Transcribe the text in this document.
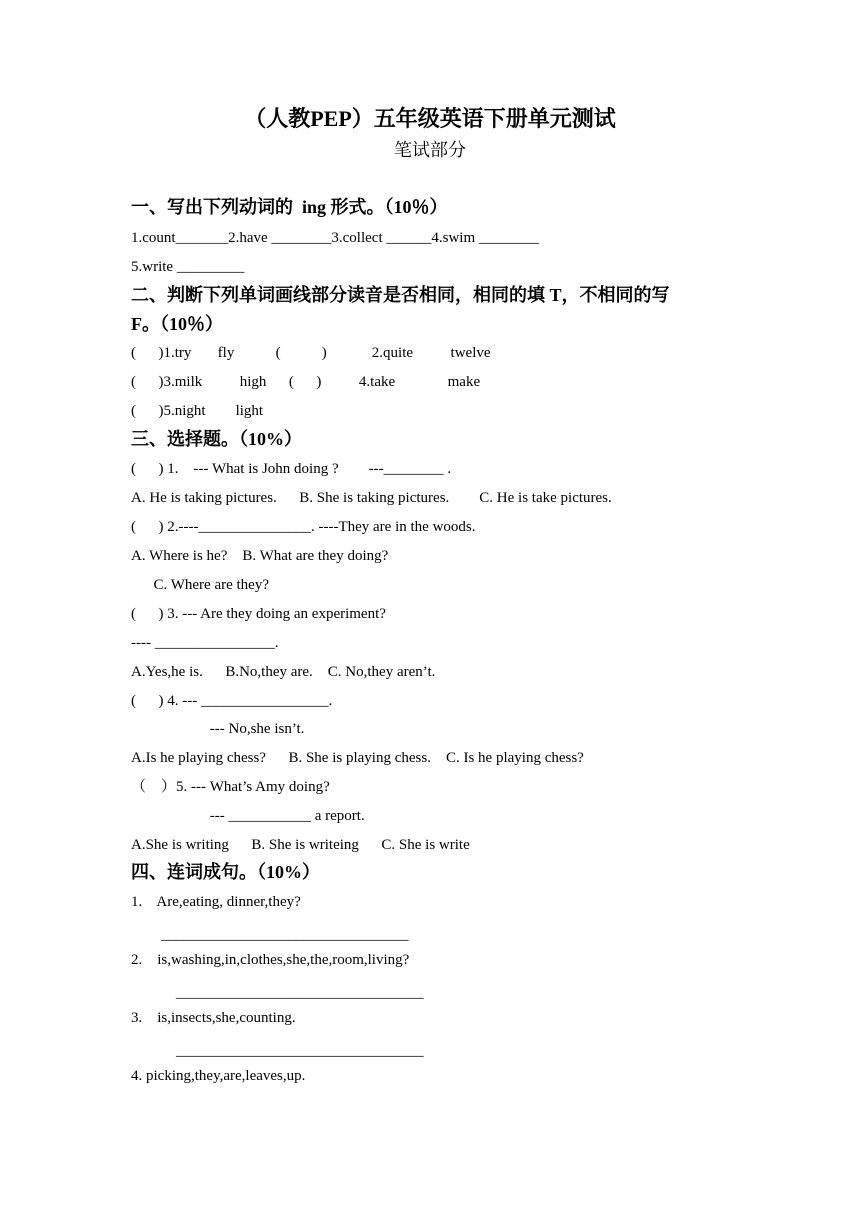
（人教PEP）五年级英语下册单元测试
笔试部分
一、写出下列动词的  ing 形式。（10％）
1.count_______2.have ________3.collect ______4.swim ________
5.write _________
二、判断下列单词画线部分读音是否相同，相同的填 T，不相同的写
F。（10％）
(      )1.try       fly           (           )            2.quite          twelve
(      )3.milk          high      (      )          4.take              make
(      )5.night        light
三、选择题。（10%）
(      ) 1.    --- What is John doing ?        ---________ .
A. He is taking pictures.      B. She is taking pictures.        C. He is take pictures.
(      ) 2.----_______________. ----They are in the woods.
A. Where is he?    B. What are they doing?
C. Where are they?
(      ) 3. --- Are they doing an experiment?
---- ________________.
A.Yes,he is.      B.No,they are.    C. No,they aren’t.
(      ) 4. --- _________________.
--- No,she isn’t.
A.Is he playing chess?      B. She is playing chess.    C. Is he playing chess?
（    ）5. --- What’s Amy doing?
--- ___________ a report.
A.She is writing      B. She is writeing      C. She is write
四、连词成句。（10%）
1.    Are,eating, dinner,they?
_________________________________
2.    is,washing,in,clothes,she,the,room,living?
_________________________________
3.    is,insects,she,counting.
_________________________________
4. picking,they,are,leaves,up.
